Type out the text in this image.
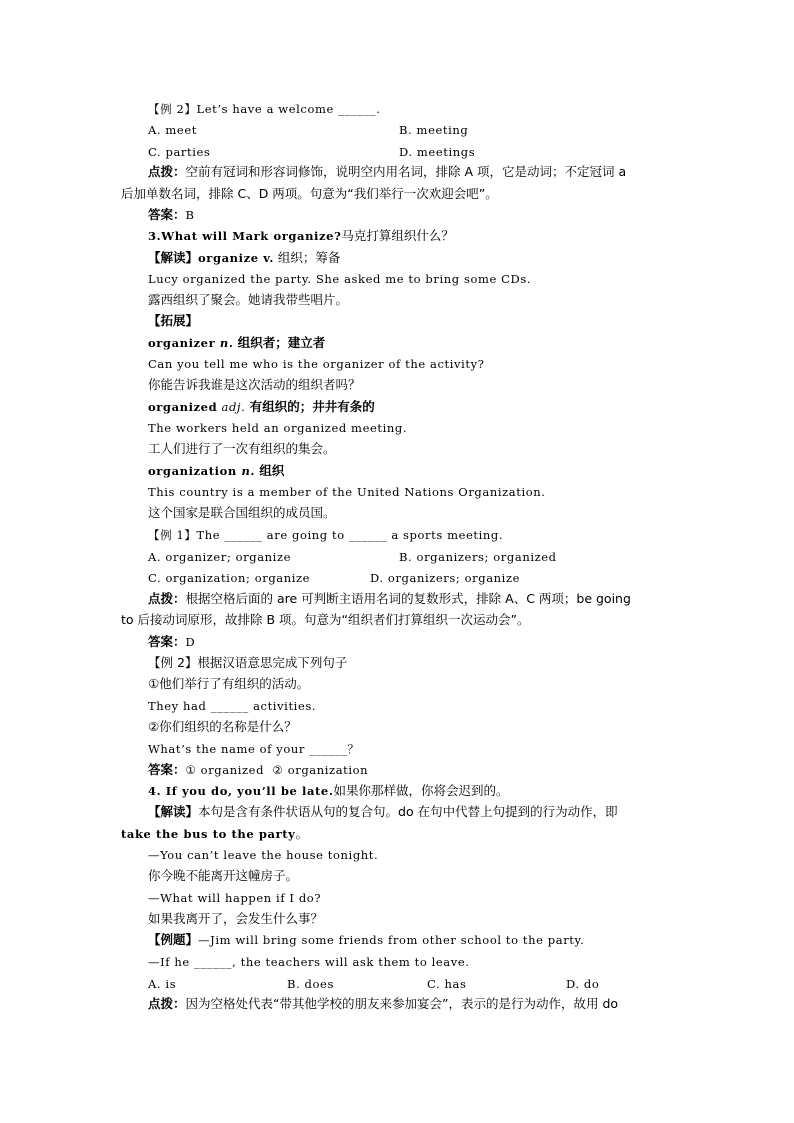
【例 2】Let’s have a welcome ______.
A. meet	B. meeting
C. parties	D. meetings
点拨：空前有冠词和形容词修饰，说明空内用名词，排除 A 项，它是动词；不定冠词 a
后加单数名词，排除 C、D 两项。句意为“我们举行一次欢迎会吧”。
答案：B
3.What will Mark organize?马克打算组织什么？
【解读】organize v. 组织；筹备
Lucy organized the party. She asked me to bring some CDs.
露西组织了聚会。她请我带些唱片。
【拓展】
organizer n. 组织者；建立者
Can you tell me who is the organizer of the activity?
你能告诉我谁是这次活动的组织者吗？
organized adj. 有组织的；井井有条的
The workers held an organized meeting.
工人们进行了一次有组织的集会。
organization n. 组织
This country is a member of the United Nations Organization.
这个国家是联合国组织的成员国。
【例 1】The ______ are going to ______ a sports meeting.
A. organizer; organize	B. organizers; organized
C. organization; organize	D. organizers; organize
点拨：根据空格后面的 are 可判断主语用名词的复数形式，排除 A、C 两项；be going
to 后接动词原形，故排除 B 项。句意为“组织者们打算组织一次运动会”。
答案：D
【例 2】根据汉语意思完成下列句子
①他们举行了有组织的活动。
They had ______ activities.
②你们组织的名称是什么？
What’s the name of your ______？
答案：① organized  ② organization
4. If you do, you’ll be late.如果你那样做，你将会迟到的。
【解读】本句是含有条件状语从句的复合句。do 在句中代替上句提到的行为动作，即
take the bus to the party。
—You can’t leave the house tonight.
你今晚不能离开这幢房子。
—What will happen if I do?
如果我离开了，会发生什么事？
【例题】—Jim will bring some friends from other school to the party.
—If he ______, the teachers will ask them to leave.
A. is	B. does	C. has	D. do
点拨：因为空格处代表“带其他学校的朋友来参加宴会”，表示的是行为动作，故用 do
